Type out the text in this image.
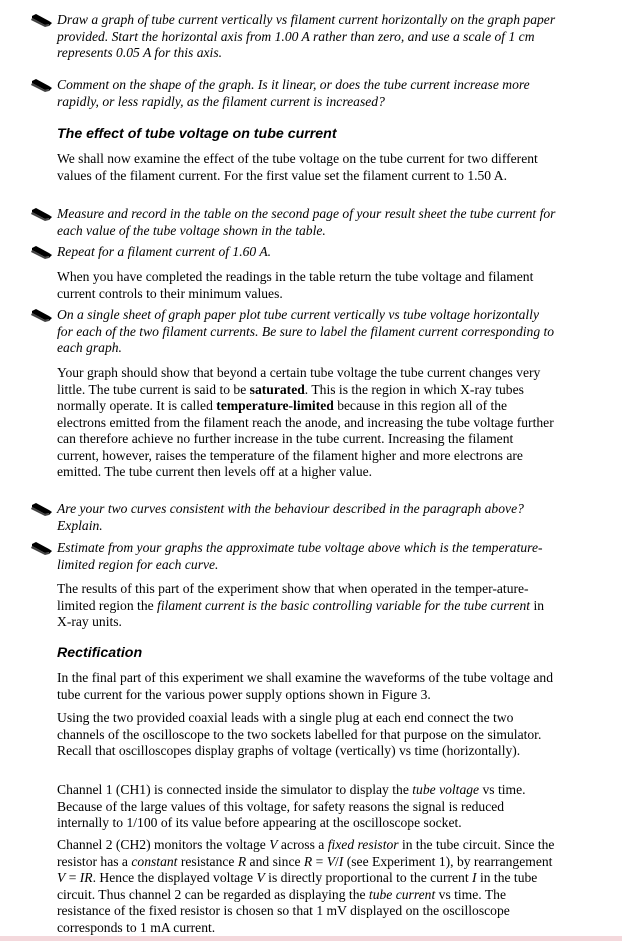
Draw a graph of tube current vertically vs filament current horizontally on the graph paper provided. Start the horizontal axis from 1.00 A rather than zero, and use a scale of 1 cm represents 0.05 A for this axis.
Comment on the shape of the graph. Is it linear, or does the tube current increase more rapidly, or less rapidly, as the filament current is increased?
The effect of tube voltage on tube current
We shall now examine the effect of the tube voltage on the tube current for two different values of the filament current. For the first value set the filament current to 1.50 A.
Measure and record in the table on the second page of your result sheet the tube current for each value of the tube voltage shown in the table.
Repeat for a filament current of 1.60 A.
When you have completed the readings in the table return the tube voltage and filament current controls to their minimum values.
On a single sheet of graph paper plot tube current vertically vs tube voltage horizontally for each of the two filament currents. Be sure to label the filament current corresponding to each graph.
Your graph should show that beyond a certain tube voltage the tube current changes very little. The tube current is said to be saturated. This is the region in which X-ray tubes normally operate. It is called temperature-limited because in this region all of the electrons emitted from the filament reach the anode, and increasing the tube voltage further can therefore achieve no further increase in the tube current. Increasing the filament current, however, raises the temperature of the filament higher and more electrons are emitted. The tube current then levels off at a higher value.
Are your two curves consistent with the behaviour described in the paragraph above? Explain.
Estimate from your graphs the approximate tube voltage above which is the temperature-limited region for each curve.
The results of this part of the experiment show that when operated in the temper-ature-limited region the filament current is the basic controlling variable for the tube current in X-ray units.
Rectification
In the final part of this experiment we shall examine the waveforms of the tube voltage and tube current for the various power supply options shown in Figure 3.
Using the two provided coaxial leads with a single plug at each end connect the two channels of the oscilloscope to the two sockets labelled for that purpose on the simulator. Recall that oscilloscopes display graphs of voltage (vertically) vs time (horizontally).
Channel 1 (CH1) is connected inside the simulator to display the tube voltage vs time. Because of the large values of this voltage, for safety reasons the signal is reduced internally to 1/100 of its value before appearing at the oscilloscope socket.
Channel 2 (CH2) monitors the voltage V across a fixed resistor in the tube circuit. Since the resistor has a constant resistance R and since R = V/I (see Experiment 1), by rearrangement V = IR. Hence the displayed voltage V is directly proportional to the current I in the tube circuit. Thus channel 2 can be regarded as displaying the tube current vs time. The resistance of the fixed resistor is chosen so that 1 mV displayed on the oscilloscope corresponds to 1 mA current.
